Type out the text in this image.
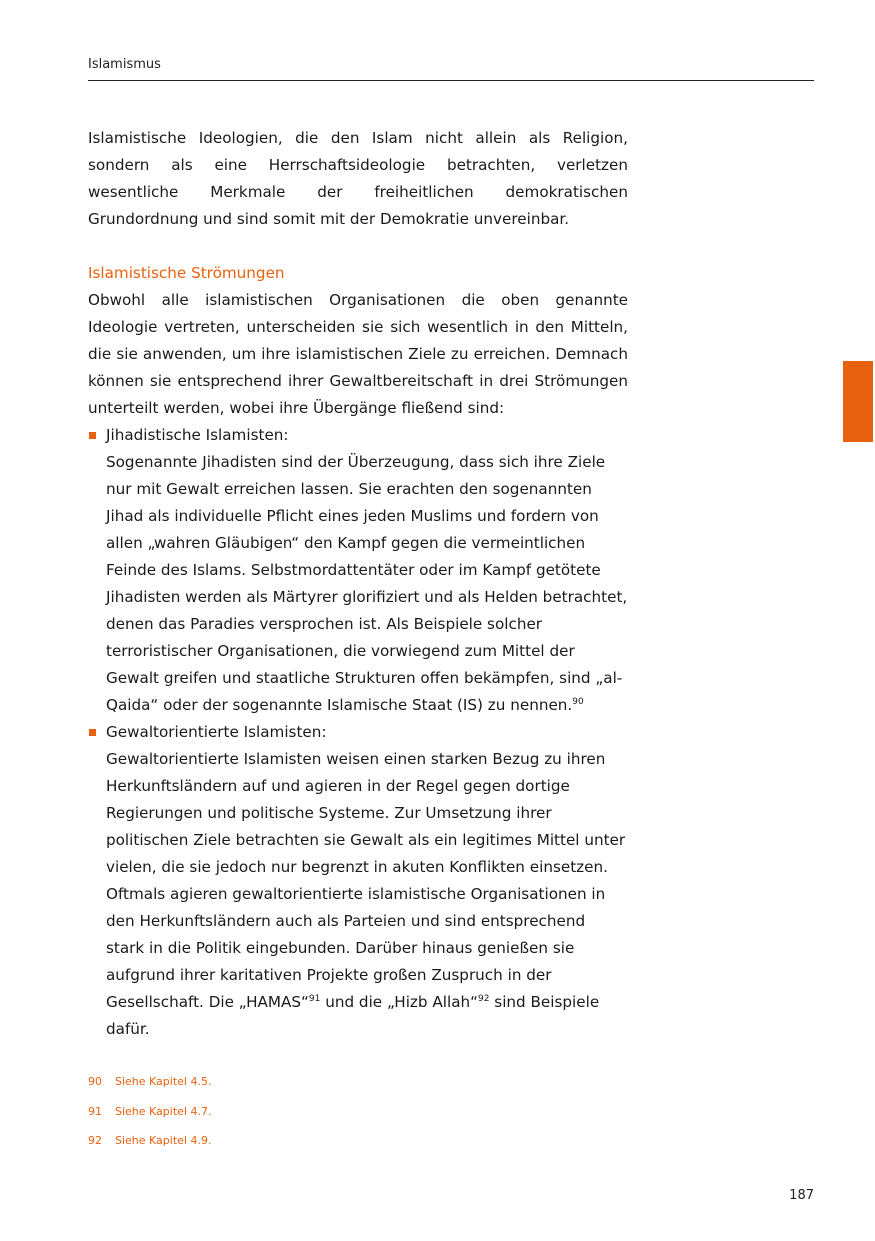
Islamismus

Islamistische Ideologien, die den Islam nicht allein als Religion, sondern als eine Herrschaftsideologie betrachten, verletzen wesentliche Merkmale der freiheitlichen demokratischen Grundordnung und sind somit mit der Demokratie unvereinbar.

Islamistische Strömungen

Obwohl alle islamistischen Organisationen die oben genannte Ideologie vertreten, unterscheiden sie sich wesentlich in den Mitteln, die sie anwenden, um ihre islamistischen Ziele zu erreichen. Demnach können sie entsprechend ihrer Gewaltbereitschaft in drei Strömungen unterteilt werden, wobei ihre Übergänge fließend sind:

Jihadistische Islamisten:
Sogenannte Jihadisten sind der Überzeugung, dass sich ihre Ziele nur mit Gewalt erreichen lassen. Sie erachten den sogenannten Jihad als individuelle Pflicht eines jeden Muslims und fordern von allen „wahren Gläubigen“ den Kampf gegen die vermeintlichen Feinde des Islams. Selbstmordattentäter oder im Kampf getötete Jihadisten werden als Märtyrer glorifiziert und als Helden betrachtet, denen das Paradies versprochen ist. Als Beispiele solcher terroristischer Organisationen, die vorwiegend zum Mittel der Gewalt greifen und staatliche Strukturen offen bekämpfen, sind „al-Qaida“ oder der sogenannte Islamische Staat (IS) zu nennen.$^{90}$
Gewaltorientierte Islamisten:
Gewaltorientierte Islamisten weisen einen starken Bezug zu ihren Herkunftsländern auf und agieren in der Regel gegen dortige Regierungen und politische Systeme. Zur Umsetzung ihrer politischen Ziele betrachten sie Gewalt als ein legitimes Mittel unter vielen, die sie jedoch nur begrenzt in akuten Konflikten einsetzen. Oftmals agieren gewaltorientierte islamistische Organisationen in den Herkunftsländern auch als Parteien und sind entsprechend stark in die Politik eingebunden. Darüber hinaus genießen sie aufgrund ihrer karitativen Projekte großen Zuspruch in der Gesellschaft. Die „HAMAS“$^{91}$ und die „Hizb Allah“$^{92}$ sind Beispiele dafür.
90 Siehe Kapitel 4.5.
91 Siehe Kapitel 4.7.
92 Siehe Kapitel 4.9.
187
